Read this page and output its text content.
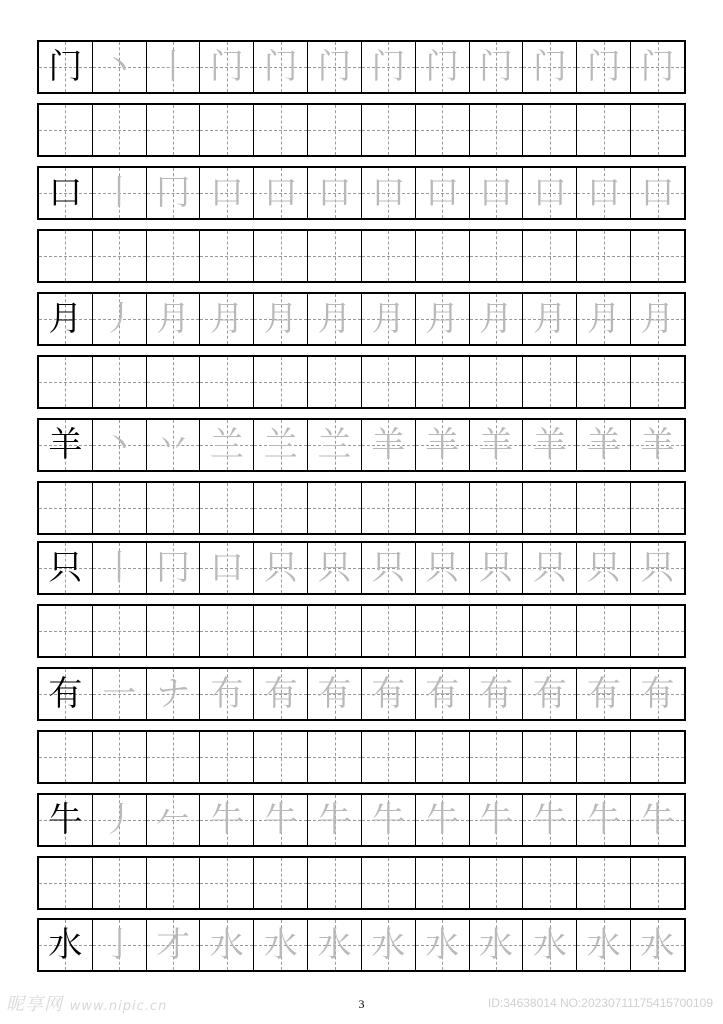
门 丶 丨 门 门 门 门 门 门 门 门 门
口 丨 冂 口 口 口 口 口 口 口 口 口
月 丿 月 月 月 月 月 月 月 月 月 月
羊 丶 丷 兰 兰 兰 羊 羊 羊 羊 羊 羊
只 丨 冂 口 只 只 只 只 只 只 只 只
有 一 ナ 冇 有 有 有 有 有 有 有 有
牛 丿 𠂉 牛 牛 牛 牛 牛 牛 牛 牛 牛
水 亅 才 水 水 水 水 水 水 水 水 水
3
昵享网 www.nipic.cn	ID:34638014 NO:20230711175415700109
